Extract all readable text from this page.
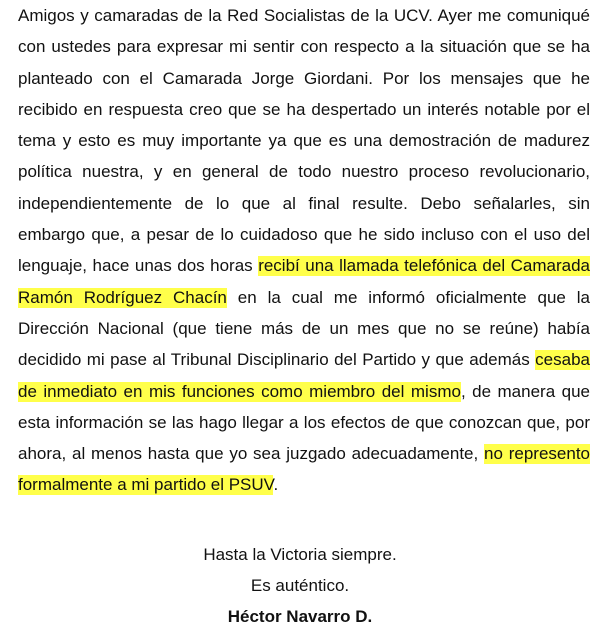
Amigos y camaradas de la Red Socialistas de la UCV. Ayer me comuniqué con ustedes para expresar mi sentir con respecto a la situación que se ha planteado con el Camarada Jorge Giordani. Por los mensajes que he recibido en respuesta creo que se ha despertado un interés notable por el tema y esto es muy importante ya que es una demostración de madurez política nuestra, y en general de todo nuestro proceso revolucionario, independientemente de lo que al final resulte. Debo señalarles, sin embargo que, a pesar de lo cuidadoso que he sido incluso con el uso del lenguaje, hace unas dos horas recibí una llamada telefónica del Camarada Ramón Rodríguez Chacín en la cual me informó oficialmente que la Dirección Nacional (que tiene más de un mes que no se reúne) había decidido mi pase al Tribunal Disciplinario del Partido y que además cesaba de inmediato en mis funciones como miembro del mismo, de manera que esta información se las hago llegar a los efectos de que conozcan que, por ahora, al menos hasta que yo sea juzgado adecuadamente, no represento formalmente a mi partido el PSUV.

Hasta la Victoria siempre.
Es auténtico.
Héctor Navarro D.
